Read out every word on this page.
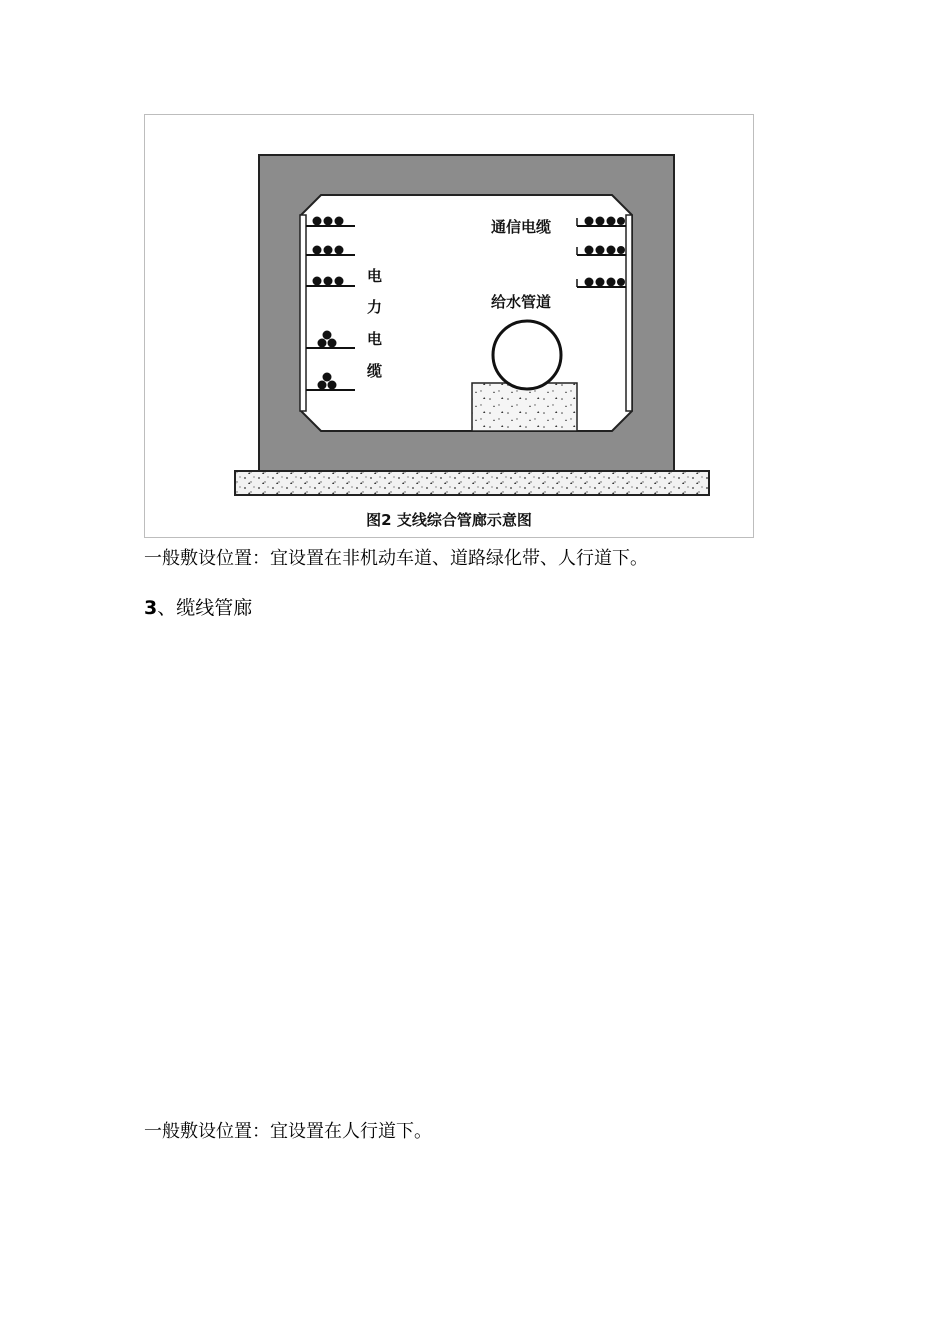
通信电缆
给水管道
电
力
电
缆
图2 支线综合管廊示意图
一般敷设位置：宜设置在非机动车道、道路绿化带、人行道下。
3、缆线管廊
一般敷设位置：宜设置在人行道下。
